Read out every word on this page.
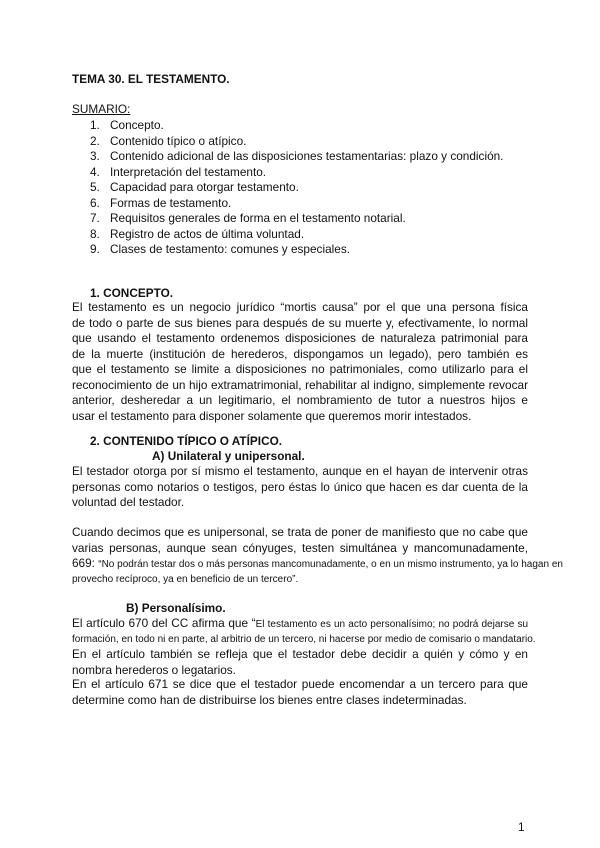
TEMA 30. EL TESTAMENTO.
SUMARIO:
1. Concepto.
2. Contenido típico o atípico.
3. Contenido adicional de las disposiciones testamentarias: plazo y condición.
4. Interpretación del testamento.
5. Capacidad para otorgar testamento.
6. Formas de testamento.
7. Requisitos generales de forma en el testamento notarial.
8. Registro de actos de última voluntad.
9. Clases de testamento: comunes y especiales.
1. CONCEPTO.
El testamento es un negocio jurídico “mortis causa” por el que una persona física
de todo o parte de sus bienes para después de su muerte y, efectivamente, lo normal
que usando el testamento ordenemos disposiciones de naturaleza patrimonial para
de la muerte (institución de herederos, dispongamos un legado), pero también es
que el testamento se limite a disposiciones no patrimoniales, como utilizarlo para el
reconocimiento de un hijo extramatrimonial, rehabilitar al indigno, simplemente revocar
anterior, desheredar a un legitimario, el nombramiento de tutor a nuestros hijos e
usar el testamento para disponer solamente que queremos morir intestados.
2. CONTENIDO TÍPICO O ATÍPICO.
A) Unilateral y unipersonal.
El testador otorga por sí mismo el testamento, aunque en el hayan de intervenir otras
personas como notarios o testigos, pero éstas lo único que hacen es dar cuenta de la
voluntad del testador.
Cuando decimos que es unipersonal, se trata de poner de manifiesto que no cabe que
varias personas, aunque sean cónyuges, testen simultánea y mancomunadamente,
669: “No podrán testar dos o más personas mancomunadamente, o en un mismo instrumento, ya lo hagan en
provecho recíproco, ya en beneficio de un tercero”.
B) Personalísimo.
El artículo 670 del CC afirma que “El testamento es un acto personalísimo; no podrá dejarse su
formación, en todo ni en parte, al arbitrio de un tercero, ni hacerse por medio de comisario o mandatario.
En el artículo también se refleja que el testador debe decidir a quién y cómo y en
nombra herederos o legatarios.
En el artículo 671 se dice que el testador puede encomendar a un tercero para que
determine como han de distribuirse los bienes entre clases indeterminadas.
1
